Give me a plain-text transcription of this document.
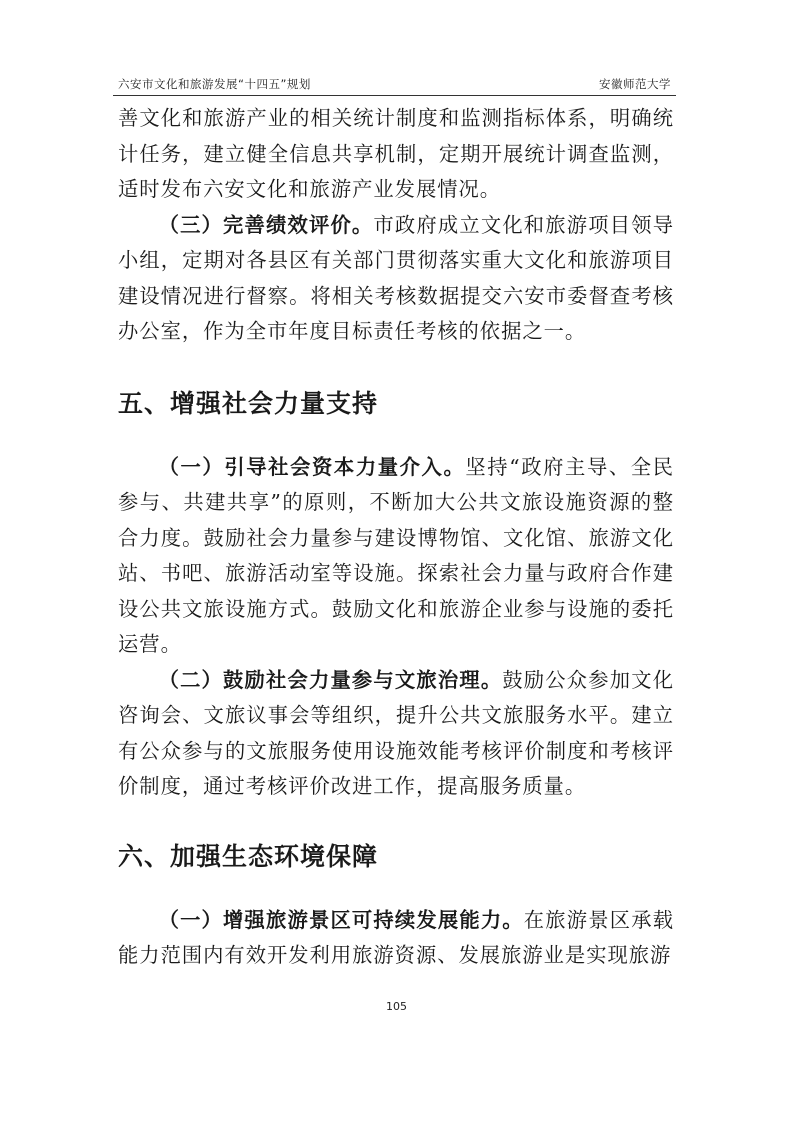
六安市文化和旅游发展“十四五”规划	安徽师范大学

善文化和旅游产业的相关统计制度和监测指标体系，明确统计任务，建立健全信息共享机制，定期开展统计调查监测，适时发布六安文化和旅游产业发展情况。

（三）完善绩效评价。市政府成立文化和旅游项目领导小组，定期对各县区有关部门贯彻落实重大文化和旅游项目建设情况进行督察。将相关考核数据提交六安市委督查考核办公室，作为全市年度目标责任考核的依据之一。

五、增强社会力量支持

（一）引导社会资本力量介入。坚持“政府主导、全民参与、共建共享”的原则，不断加大公共文旅设施资源的整合力度。鼓励社会力量参与建设博物馆、文化馆、旅游文化站、书吧、旅游活动室等设施。探索社会力量与政府合作建设公共文旅设施方式。鼓励文化和旅游企业参与设施的委托运营。

（二）鼓励社会力量参与文旅治理。鼓励公众参加文化咨询会、文旅议事会等组织，提升公共文旅服务水平。建立有公众参与的文旅服务使用设施效能考核评价制度和考核评价制度，通过考核评价改进工作，提高服务质量。

六、加强生态环境保障

（一）增强旅游景区可持续发展能力。在旅游景区承载能力范围内有效开发利用旅游资源、发展旅游业是实现旅游

105
